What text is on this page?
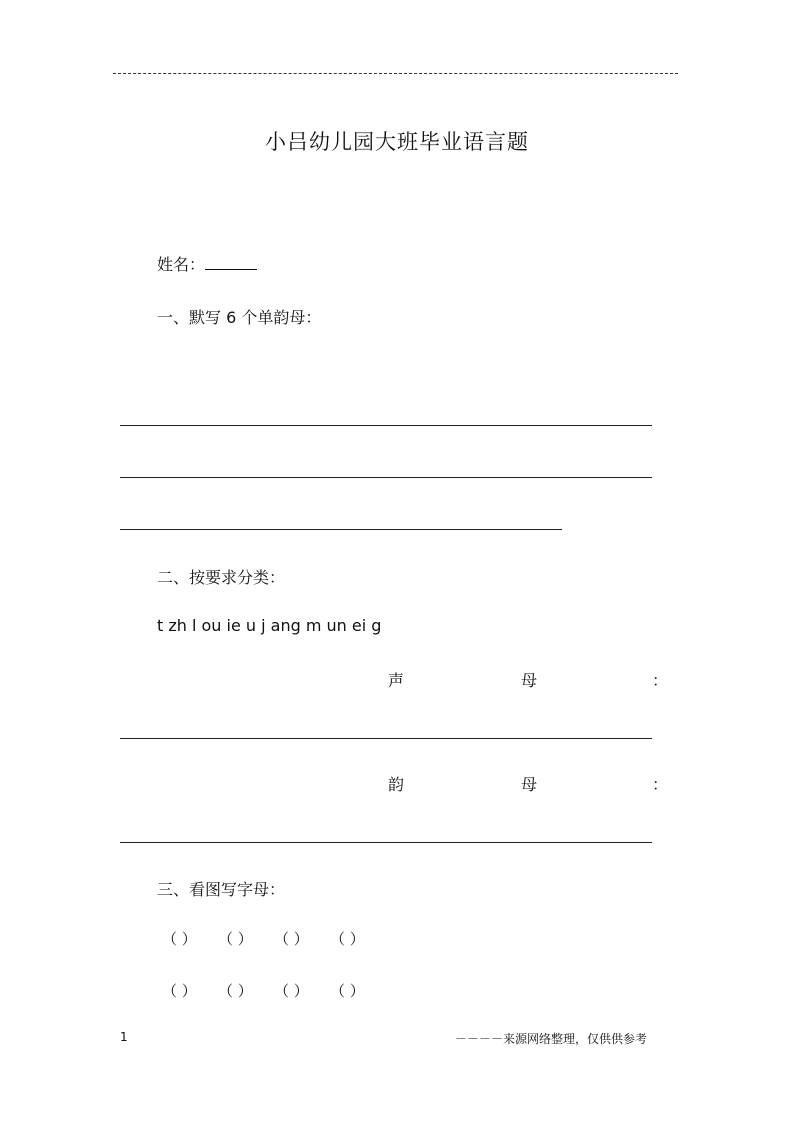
小吕幼儿园大班毕业语言题
姓名：
一、默写 6 个单韵母：
二、按要求分类：
t zh l ou ie u j ang m un ei g
声	母	：
韵	母	：
三、看图写字母：
（ ） （ ） （ ） （ ）
（ ） （ ） （ ） （ ）
1	－－－－来源网络整理，仅供供参考
